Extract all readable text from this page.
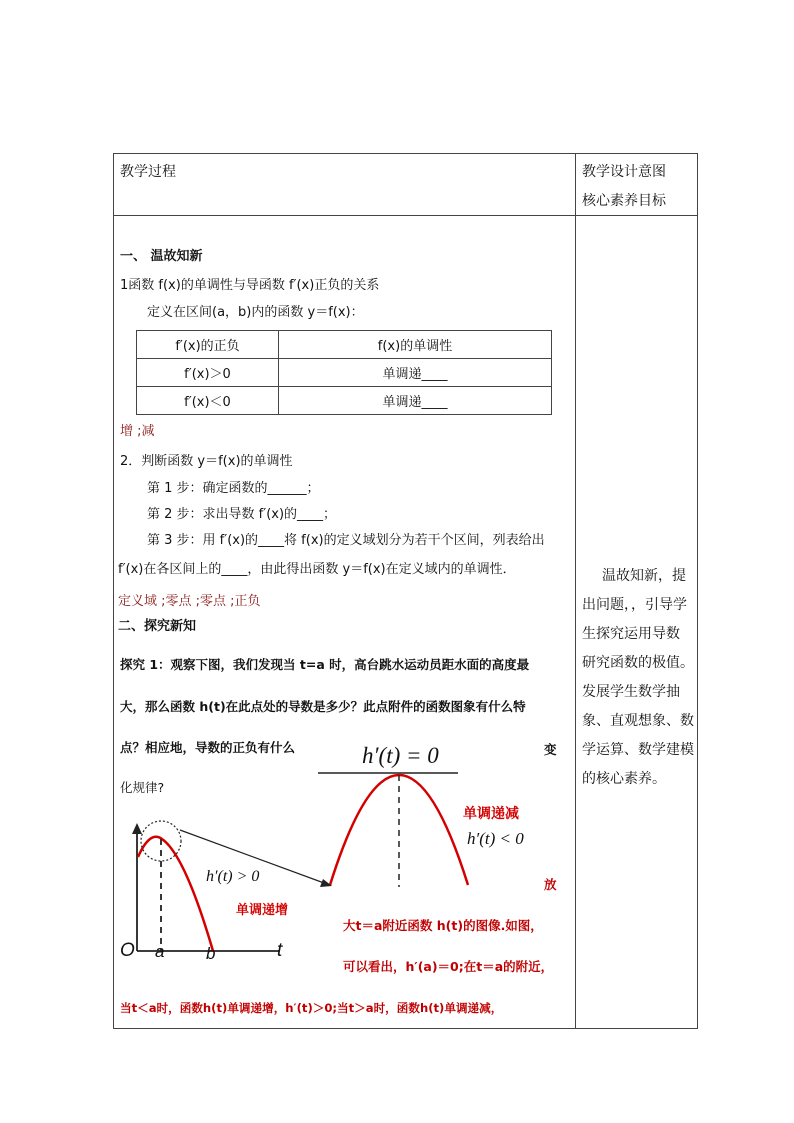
教学过程	教学设计意图
核心素养目标
一、 温故知新
1函数 f(x)的单调性与导函数 f′(x)正负的关系
定义在区间(a，b)内的函数 y＝f(x)：
f′(x)的正负	f(x)的单调性
f′(x)＞0	单调递____
f′(x)＜0	单调递____
增 ;减
2．判断函数 y＝f(x)的单调性
第 1 步：确定函数的______；
第 2 步：求出导数 f′(x)的____；
第 3 步：用 f′(x)的____将 f(x)的定义域划分为若干个区间，列表给出
f′(x)在各区间上的____，由此得出函数 y＝f(x)在定义域内的单调性．
定义域 ;零点 ;零点 ;正负
二、探究新知
探究 1：观察下图，我们发现当 t=a 时，高台跳水运动员距水面的高度最
大，那么函数 h(t)在此点处的导数是多少？此点附件的函数图象有什么特
点？相应地，导数的正负有什么	变
化规律?
h′(t) = 0
单调递减
h′(t) < 0
h′(t) > 0
单调递增
O a b	t
放
大t＝a附近函数 h(t)的图像.如图，
可以看出，h′(a)＝0;在t＝a的附近，
当t＜a时，函数h(t)单调递增，h′(t)＞0;当t＞a时，函数h(t)单调递减，
温故知新，提
出问题，，引导学
生探究运用导数
研究函数的极值。
发展学生数学抽
象、直观想象、数
学运算、数学建模
的核心素养。
